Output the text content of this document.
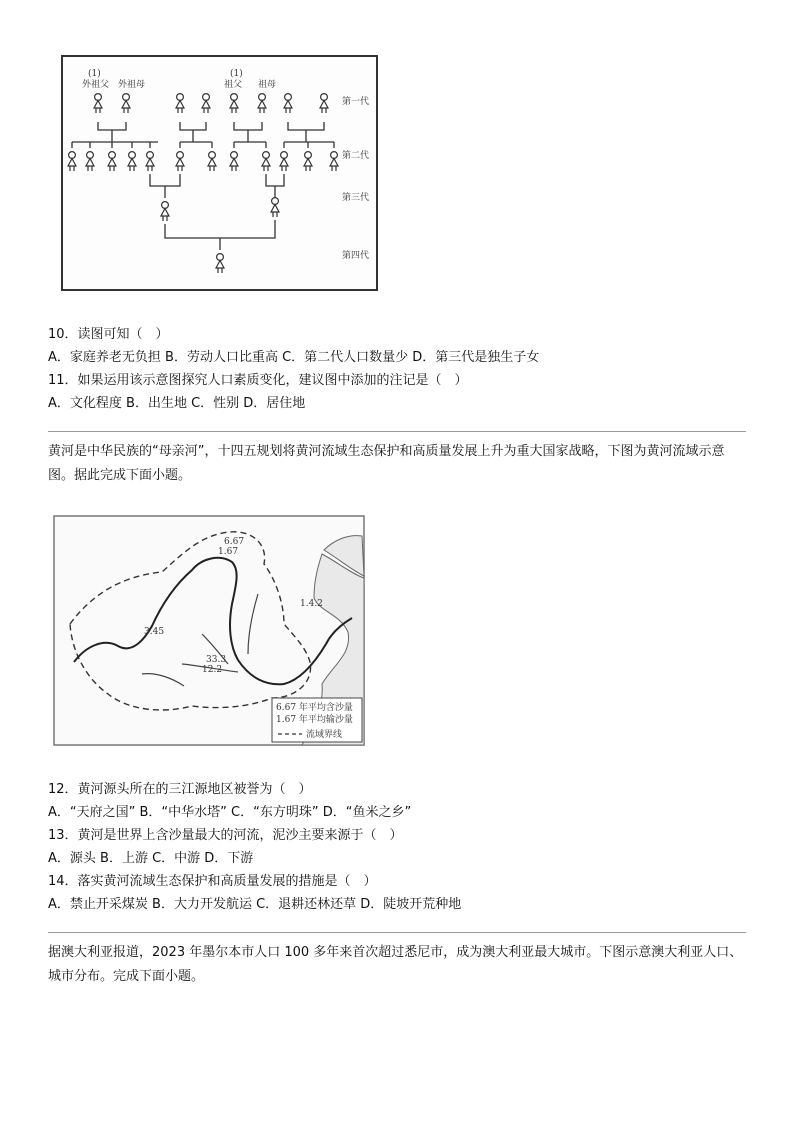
(1)
外祖父 外祖母
(1)
祖父 祖母
第一代
第二代
第三代
第四代
10．读图可知（　）
A．家庭养老无负担 B．劳动人口比重高 C．第二代人口数量少 D．第三代是独生子女
11．如果运用该示意图探究人口素质变化，建议图中添加的注记是（　）
A．文化程度 B．出生地 C．性别 D．居住地
黄河是中华民族的“母亲河”，十四五规划将黄河流域生态保护和高质量发展上升为重大国家战略，下图为黄河流域示意图。据此完成下面小题。
6.67
1.67
3.45
33.3
12.2
1.4.2
6.67 年平均含沙量
1.67 年平均输沙量
流域界线
12．黄河源头所在的三江源地区被誉为（　）
A．“天府之国” B．“中华水塔” C．“东方明珠” D．“鱼米之乡”
13．黄河是世界上含沙量最大的河流，泥沙主要来源于（　）
A．源头 B．上游 C．中游 D．下游
14．落实黄河流域生态保护和高质量发展的措施是（　）
A．禁止开采煤炭 B．大力开发航运 C．退耕还林还草 D．陡坡开荒种地
据澳大利亚报道，2023 年墨尔本市人口 100 多年来首次超过悉尼市，成为澳大利亚最大城市。下图示意澳大利亚人口、城市分布。完成下面小题。
